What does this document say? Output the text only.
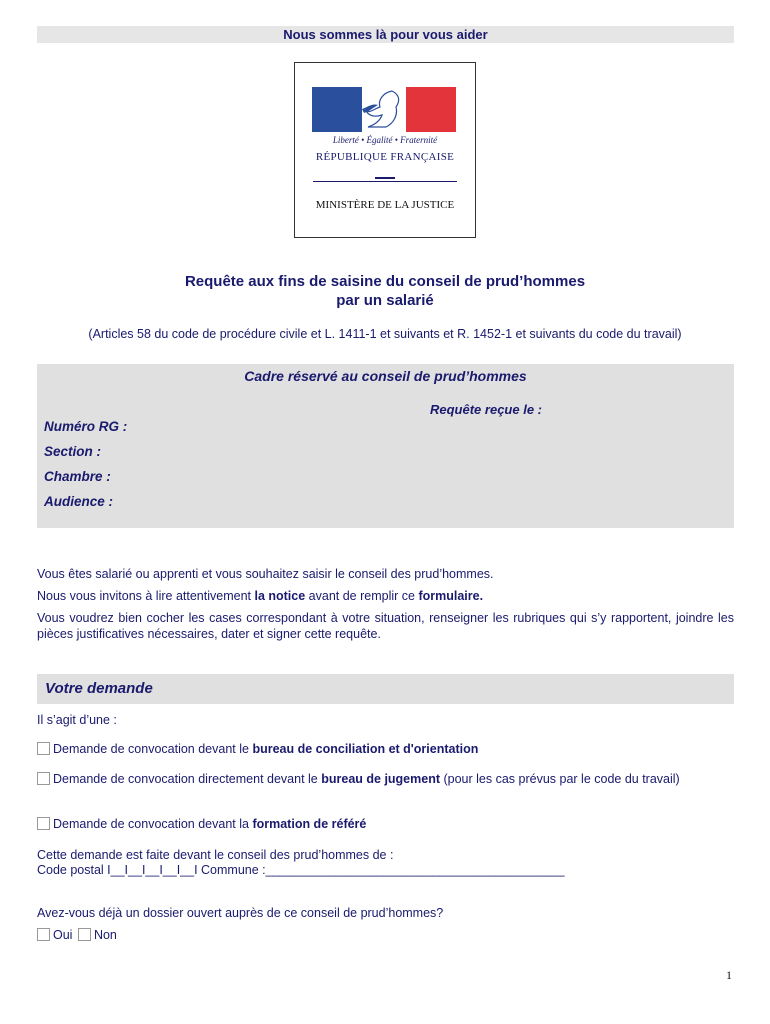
Nous sommes là pour vous aider
Liberté • Égalité • Fraternité
RÉPUBLIQUE FRANÇAISE
MINISTÈRE DE LA JUSTICE
Requête aux fins de saisine du conseil de prud’hommes
par un salarié
(Articles 58 du code de procédure civile et L. 1411-1 et suivants et R. 1452-1 et suivants du code du travail)
Cadre réservé au conseil de prud’hommes
Requête reçue le :
Numéro RG :
Section :
Chambre :
Audience :
Vous êtes salarié ou apprenti et vous souhaitez saisir le conseil des prud’hommes.
Nous vous invitons à lire attentivement la notice avant de remplir ce formulaire.
Vous voudrez bien cocher les cases correspondant à votre situation, renseigner les rubriques qui s’y rapportent, joindre les pièces justificatives nécessaires, dater et signer cette requête.
Votre demande
Il s’agit d’une :
Demande de convocation devant le bureau de conciliation et d'orientation
Demande de convocation directement devant le bureau de jugement (pour les cas prévus par le code du travail)
Demande de convocation devant la formation de référé
Cette demande est faite devant le conseil des prud’hommes de :
Code postal I__I__I__I__I__I Commune :___________________________________________
Avez-vous déjà un dossier ouvert auprès de ce conseil de prud’hommes?
Oui Non
1
